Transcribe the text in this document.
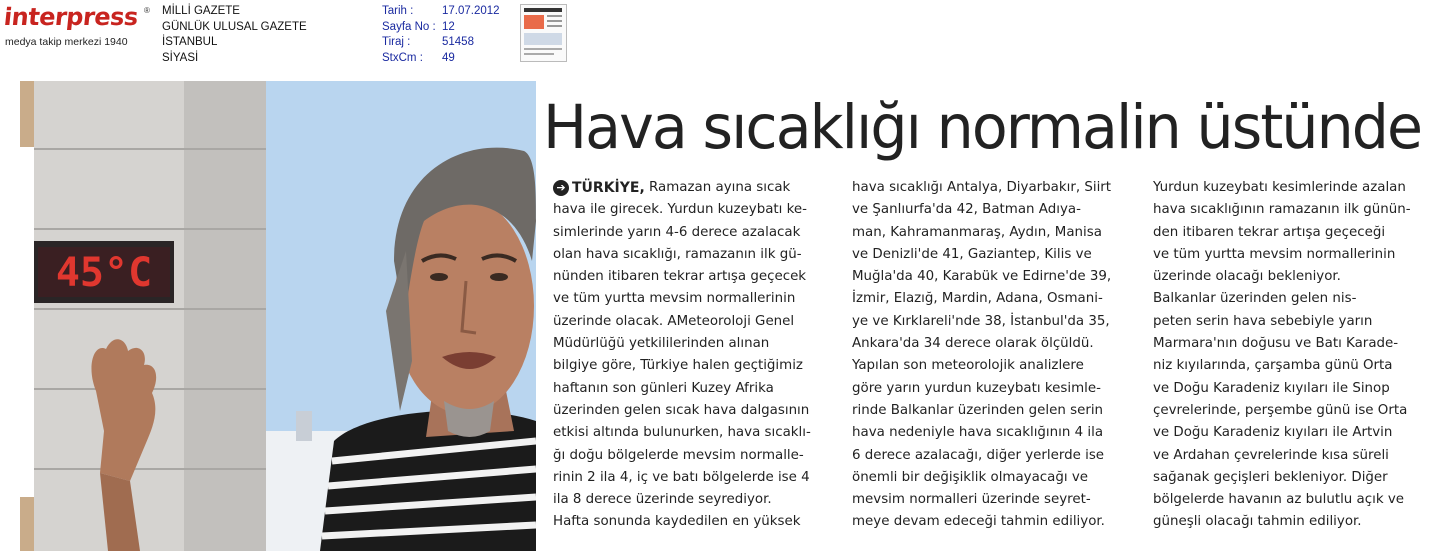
interpress ®
medya takip merkezi 1940
MİLLİ GAZETE
GÜNLÜK ULUSAL GAZETE
İSTANBUL
SİYASİ
Tarih : 17.07.2012
Sayfa No : 12
Tiraj :	51458
StxCm : 49
45°C
Hava sıcaklığı normalin üstünde
➔ TÜRKİYE, Ramazan ayına sıcak
hava ile girecek. Yurdun kuzeybatı ke-
simlerinde yarın 4-6 derece azalacak
olan hava sıcaklığı, ramazanın ilk gü-
nünden itibaren tekrar artışa geçecek
ve tüm yurtta mevsim normallerinin
üzerinde olacak. AMeteoroloji Genel
Müdürlüğü yetkililerinden alınan
bilgiye göre, Türkiye halen geçtiğimiz
haftanın son günleri Kuzey Afrika
üzerinden gelen sıcak hava dalgasının
etkisi altında bulunurken, hava sıcaklı-
ğı doğu bölgelerde mevsim normalle-
rinin 2 ila 4, iç ve batı bölgelerde ise 4
ila 8 derece üzerinde seyrediyor.
Hafta sonunda kaydedilen en yüksek
hava sıcaklığı Antalya, Diyarbakır, Siirt
ve Şanlıurfa'da 42, Batman Adıya-
man, Kahramanmaraş, Aydın, Manisa
ve Denizli'de 41, Gaziantep, Kilis ve
Muğla'da 40, Karabük ve Edirne'de 39,
İzmir, Elazığ, Mardin, Adana, Osmani-
ye ve Kırklareli'nde 38, İstanbul'da 35,
Ankara'da 34 derece olarak ölçüldü.
Yapılan son meteorolojik analizlere
göre yarın yurdun kuzeybatı kesimle-
rinde Balkanlar üzerinden gelen serin
hava nedeniyle hava sıcaklığının 4 ila
6 derece azalacağı, diğer yerlerde ise
önemli bir değişiklik olmayacağı ve
mevsim normalleri üzerinde seyret-
meye devam edeceği tahmin ediliyor.
Yurdun kuzeybatı kesimlerinde azalan
hava sıcaklığının ramazanın ilk günün-
den itibaren tekrar artışa geçeceği
ve tüm yurtta mevsim normallerinin
üzerinde olacağı bekleniyor.
Balkanlar üzerinden gelen nis-
peten serin hava sebebiyle yarın
Marmara'nın doğusu ve Batı Karade-
niz kıyılarında, çarşamba günü Orta
ve Doğu Karadeniz kıyıları ile Sinop
çevrelerinde, perşembe günü ise Orta
ve Doğu Karadeniz kıyıları ile Artvin
ve Ardahan çevrelerinde kısa süreli
sağanak geçişleri bekleniyor. Diğer
bölgelerde havanın az bulutlu açık ve
güneşli olacağı tahmin ediliyor.
